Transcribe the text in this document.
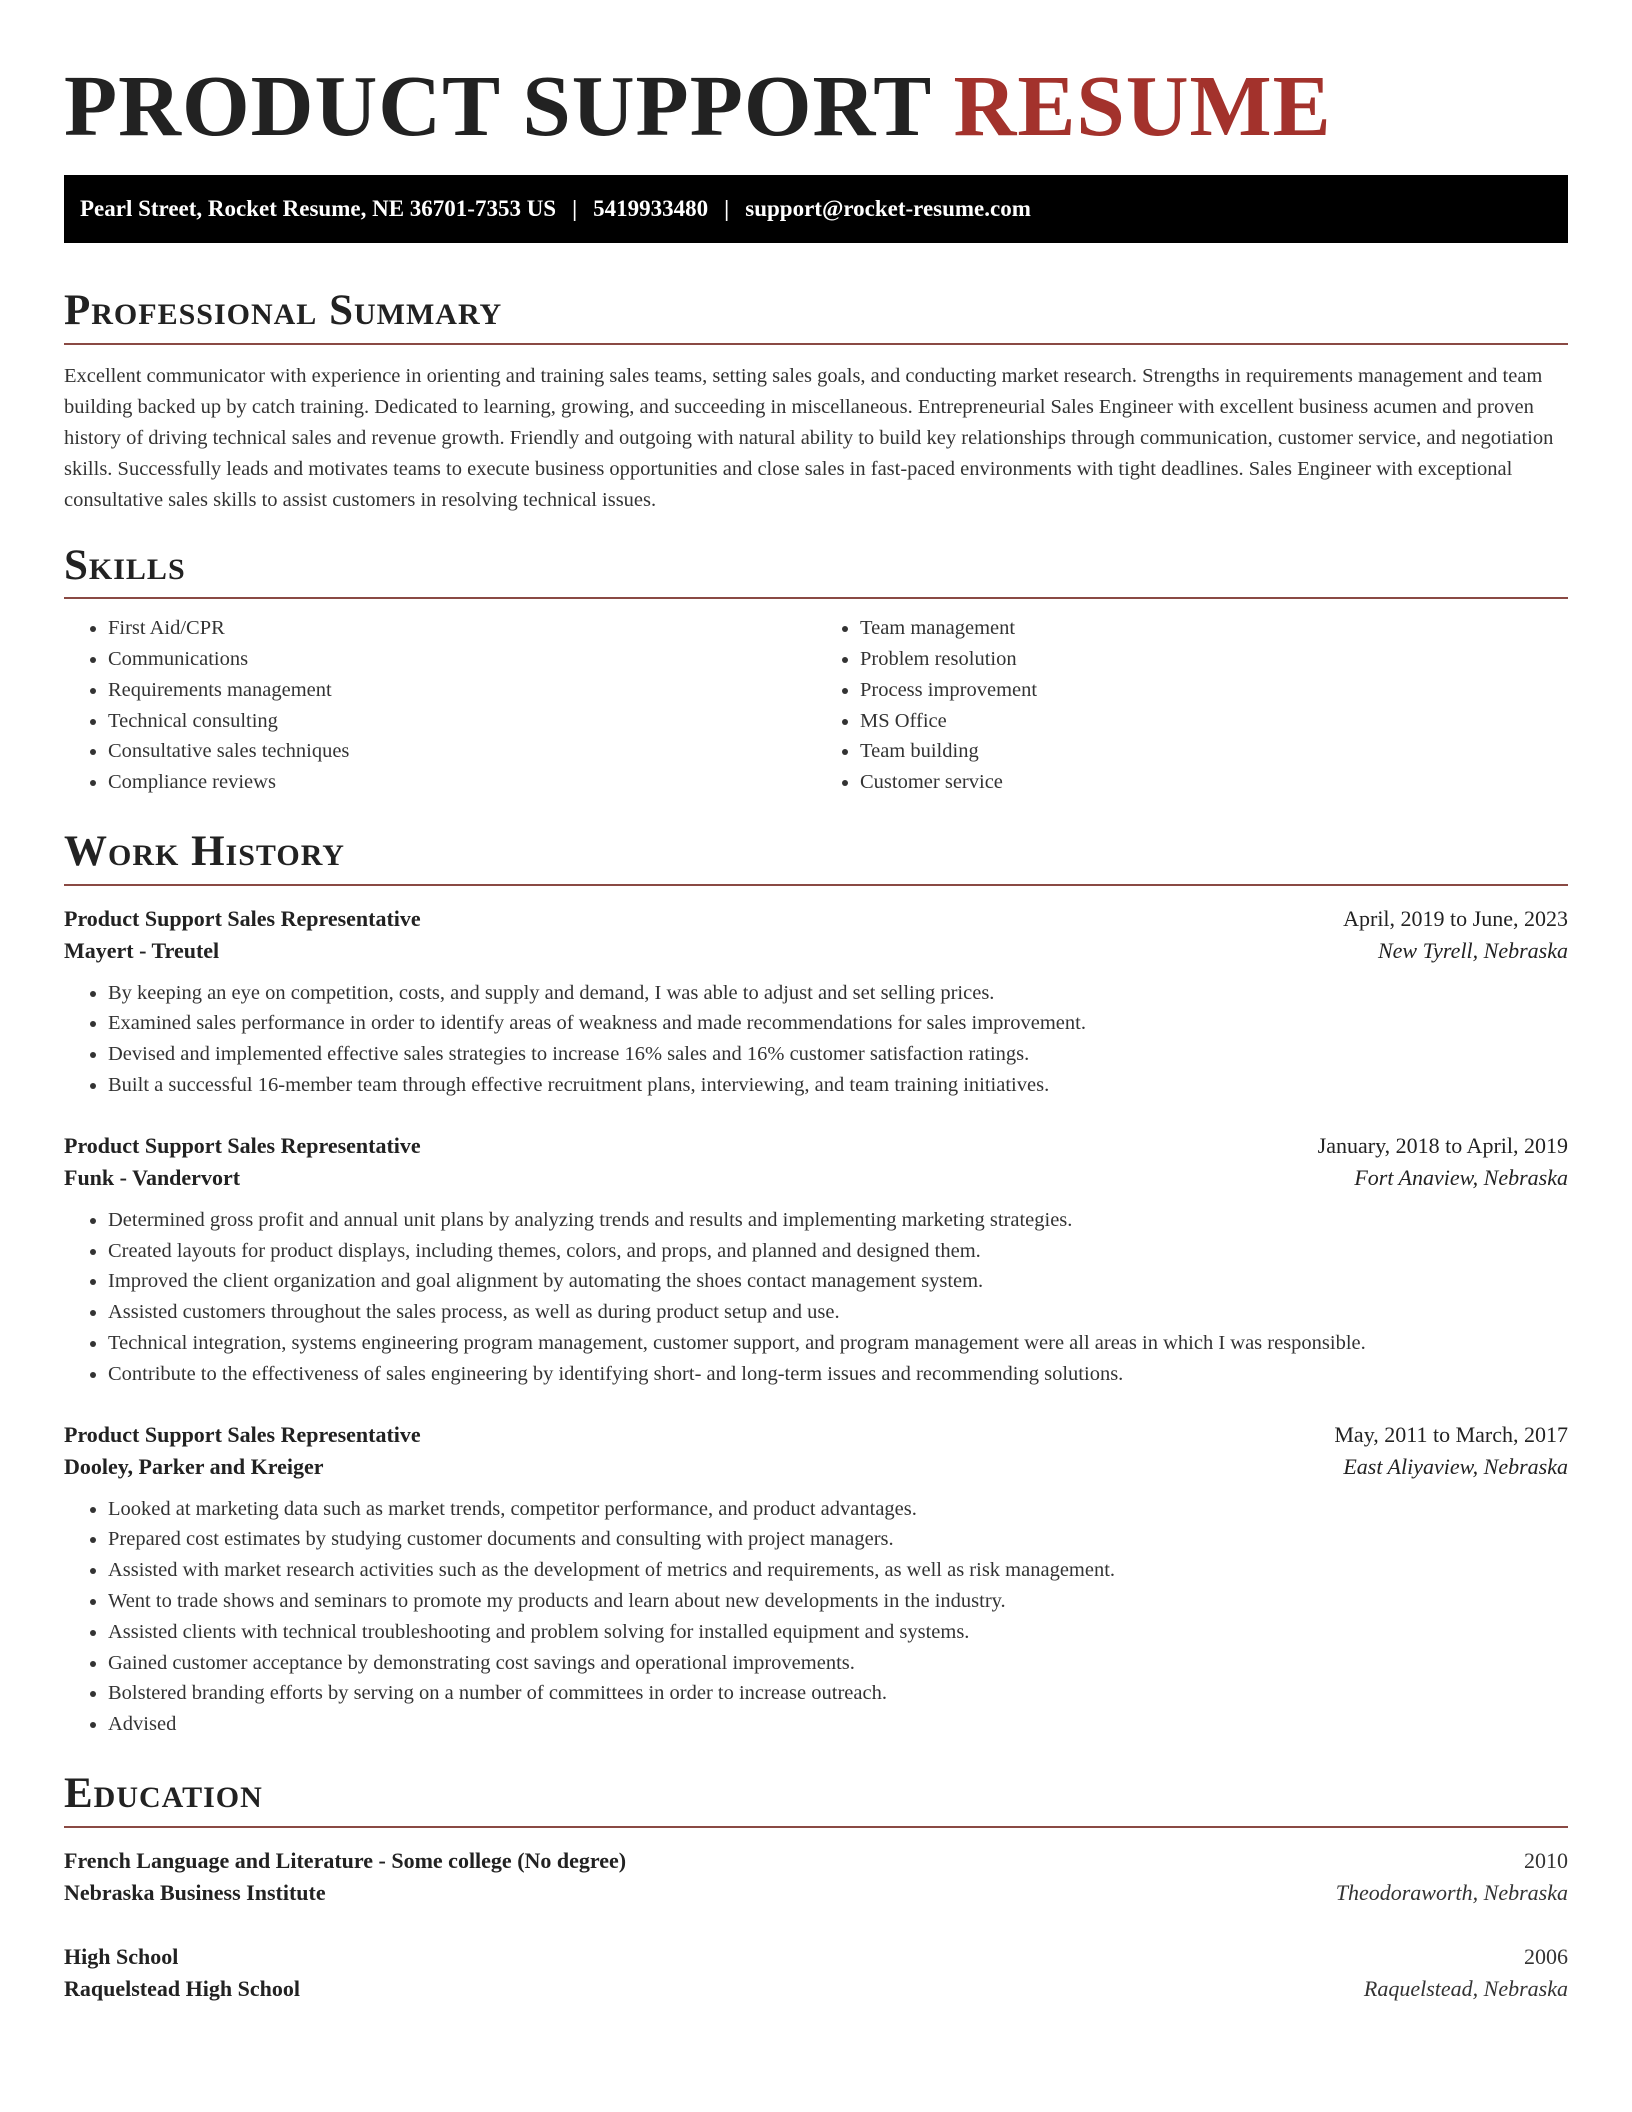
PRODUCT SUPPORT RESUME
Pearl Street, Rocket Resume, NE 36701-7353 US | 5419933480 | support@rocket-resume.com
Professional Summary

Excellent communicator with experience in orienting and training sales teams, setting sales goals, and conducting market research. Strengths in requirements management and team building backed up by catch training. Dedicated to learning, growing, and succeeding in miscellaneous. Entrepreneurial Sales Engineer with excellent business acumen and proven history of driving technical sales and revenue growth. Friendly and outgoing with natural ability to build key relationships through communication, customer service, and negotiation skills. Successfully leads and motivates teams to execute business opportunities and close sales in fast-paced environments with tight deadlines. Sales Engineer with exceptional consultative sales skills to assist customers in resolving technical issues.

Skills
• First Aid/CPR
• Communications
• Requirements management
• Technical consulting
• Consultative sales techniques
• Compliance reviews
• Team management
• Problem resolution
• Process improvement
• MS Office
• Team building
• Customer service
Work History
Product Support Sales Representative	April, 2019 to June, 2023
Mayert - Treutel	New Tyrell, Nebraska
• By keeping an eye on competition, costs, and supply and demand, I was able to adjust and set selling prices.
• Examined sales performance in order to identify areas of weakness and made recommendations for sales improvement.
• Devised and implemented effective sales strategies to increase 16% sales and 16% customer satisfaction ratings.
• Built a successful 16-member team through effective recruitment plans, interviewing, and team training initiatives.
Product Support Sales Representative	January, 2018 to April, 2019
Funk - Vandervort	Fort Anaview, Nebraska
• Determined gross profit and annual unit plans by analyzing trends and results and implementing marketing strategies.
• Created layouts for product displays, including themes, colors, and props, and planned and designed them.
• Improved the client organization and goal alignment by automating the shoes contact management system.
• Assisted customers throughout the sales process, as well as during product setup and use.
• Technical integration, systems engineering program management, customer support, and program management were all areas in which I was responsible.
• Contribute to the effectiveness of sales engineering by identifying short- and long-term issues and recommending solutions.
Product Support Sales Representative	May, 2011 to March, 2017
Dooley, Parker and Kreiger	East Aliyaview, Nebraska
• Looked at marketing data such as market trends, competitor performance, and product advantages.
• Prepared cost estimates by studying customer documents and consulting with project managers.
• Assisted with market research activities such as the development of metrics and requirements, as well as risk management.
• Went to trade shows and seminars to promote my products and learn about new developments in the industry.
• Assisted clients with technical troubleshooting and problem solving for installed equipment and systems.
• Gained customer acceptance by demonstrating cost savings and operational improvements.
• Bolstered branding efforts by serving on a number of committees in order to increase outreach.
• Advised
Education
French Language and Literature - Some college (No degree)	2010
Nebraska Business Institute	Theodoraworth, Nebraska
High School	2006
Raquelstead High School	Raquelstead, Nebraska
